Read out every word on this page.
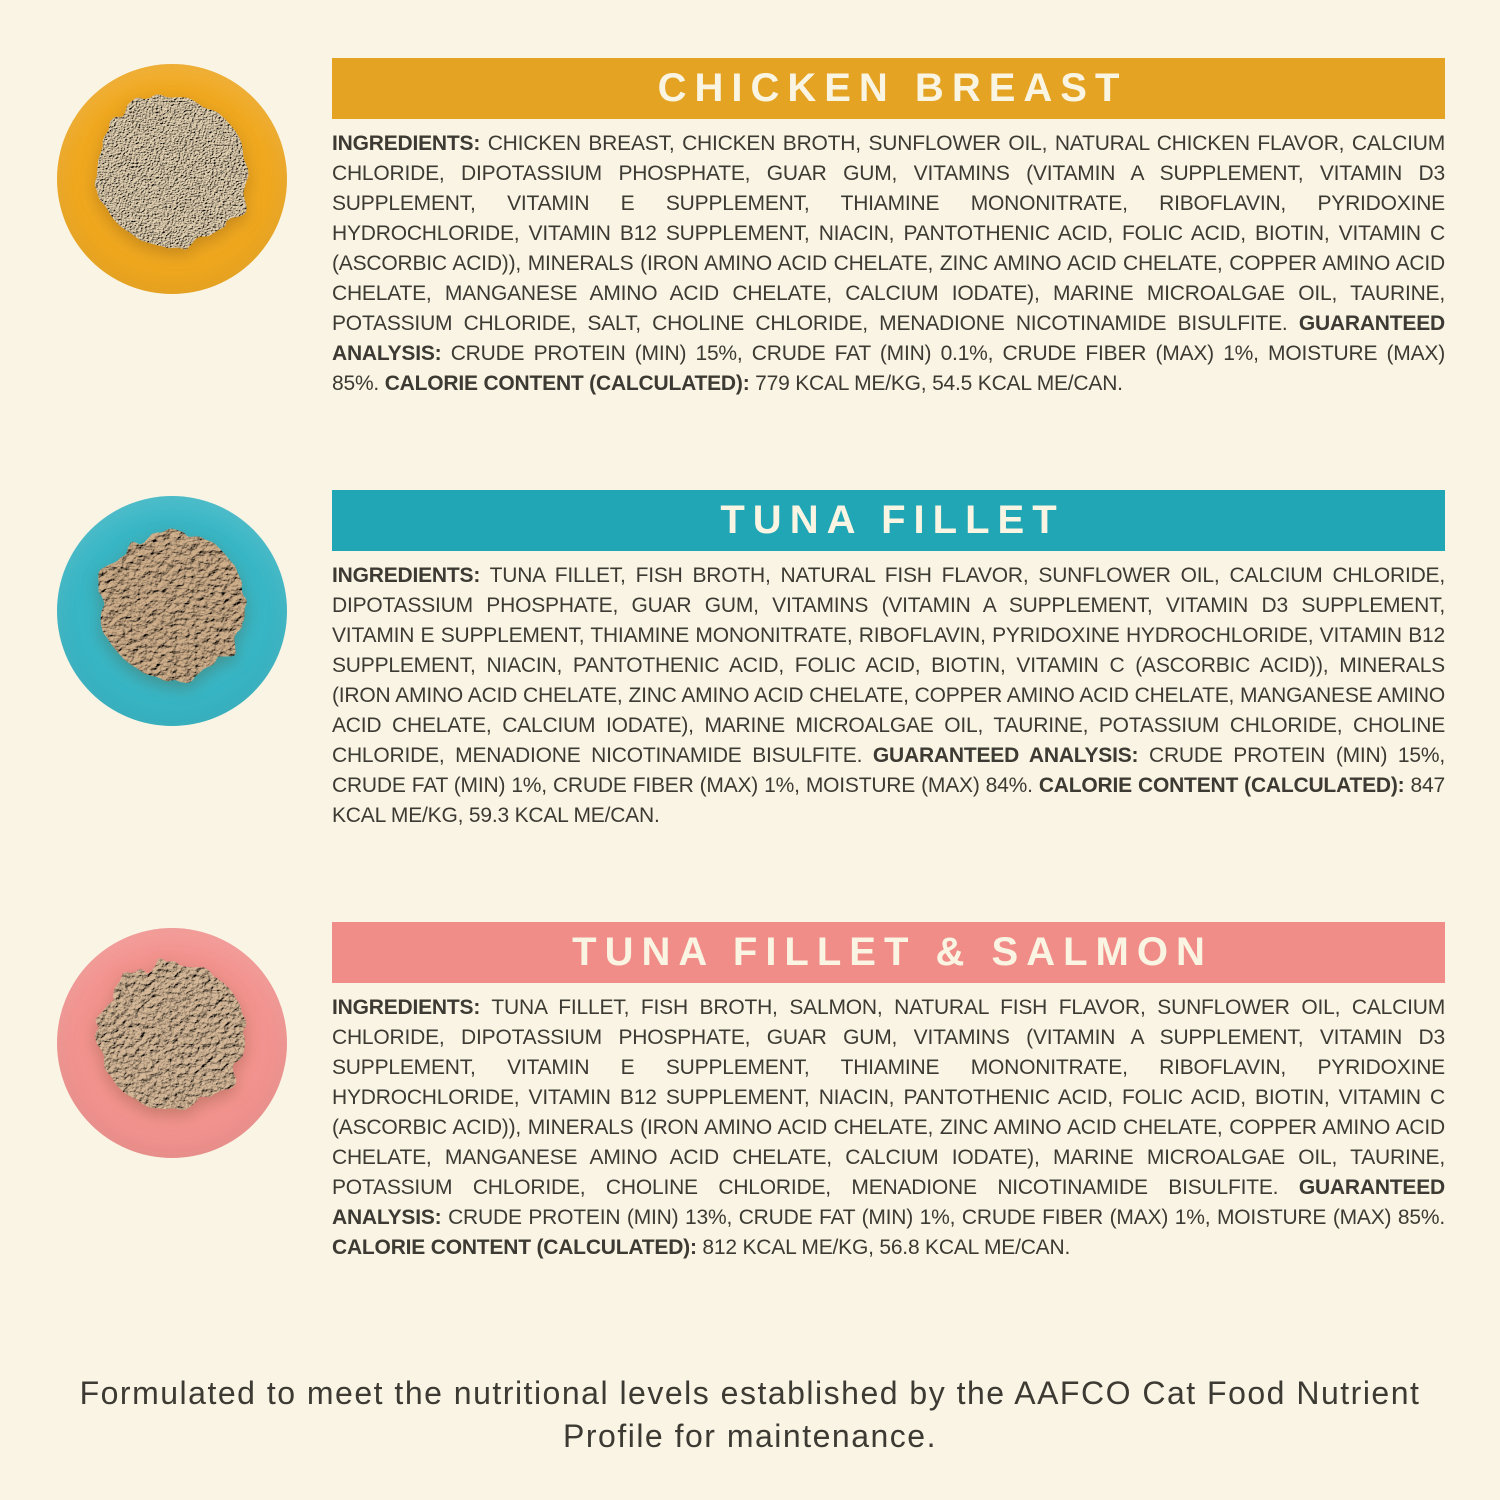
CHICKEN BREAST

INGREDIENTS: CHICKEN BREAST, CHICKEN BROTH, SUNFLOWER OIL, NATURAL CHICKEN FLAVOR, CALCIUM CHLORIDE, DIPOTASSIUM PHOSPHATE, GUAR GUM, VITAMINS (VITAMIN A SUPPLEMENT, VITAMIN D3 SUPPLEMENT, VITAMIN E SUPPLEMENT, THIAMINE MONONITRATE, RIBOFLAVIN, PYRIDOXINE HYDROCHLORIDE, VITAMIN B12 SUPPLEMENT, NIACIN, PANTOTHENIC ACID, FOLIC ACID, BIOTIN, VITAMIN C (ASCORBIC ACID)), MINERALS (IRON AMINO ACID CHELATE, ZINC AMINO ACID CHELATE, COPPER AMINO ACID CHELATE, MANGANESE AMINO ACID CHELATE, CALCIUM IODATE), MARINE MICROALGAE OIL, TAURINE, POTASSIUM CHLORIDE, SALT, CHOLINE CHLORIDE, MENADIONE NICOTINAMIDE BISULFITE. GUARANTEED ANALYSIS: CRUDE PROTEIN (MIN) 15%, CRUDE FAT (MIN) 0.1%, CRUDE FIBER (MAX) 1%, MOISTURE (MAX) 85%. CALORIE CONTENT (CALCULATED): 779 KCAL ME/KG, 54.5 KCAL ME/CAN.

TUNA FILLET

INGREDIENTS: TUNA FILLET, FISH BROTH, NATURAL FISH FLAVOR, SUNFLOWER OIL, CALCIUM CHLORIDE, DIPOTASSIUM PHOSPHATE, GUAR GUM, VITAMINS (VITAMIN A SUPPLEMENT, VITAMIN D3 SUPPLEMENT, VITAMIN E SUPPLEMENT, THIAMINE MONONITRATE, RIBOFLAVIN, PYRIDOXINE HYDROCHLORIDE, VITAMIN B12 SUPPLEMENT, NIACIN, PANTOTHENIC ACID, FOLIC ACID, BIOTIN, VITAMIN C (ASCORBIC ACID)), MINERALS (IRON AMINO ACID CHELATE, ZINC AMINO ACID CHELATE, COPPER AMINO ACID CHELATE, MANGANESE AMINO ACID CHELATE, CALCIUM IODATE), MARINE MICROALGAE OIL, TAURINE, POTASSIUM CHLORIDE, CHOLINE CHLORIDE, MENADIONE NICOTINAMIDE BISULFITE. GUARANTEED ANALYSIS: CRUDE PROTEIN (MIN) 15%, CRUDE FAT (MIN) 1%, CRUDE FIBER (MAX) 1%, MOISTURE (MAX) 84%. CALORIE CONTENT (CALCULATED): 847 KCAL ME/KG, 59.3 KCAL ME/CAN.

TUNA FILLET & SALMON

INGREDIENTS: TUNA FILLET, FISH BROTH, SALMON, NATURAL FISH FLAVOR, SUNFLOWER OIL, CALCIUM CHLORIDE, DIPOTASSIUM PHOSPHATE, GUAR GUM, VITAMINS (VITAMIN A SUPPLEMENT, VITAMIN D3 SUPPLEMENT, VITAMIN E SUPPLEMENT, THIAMINE MONONITRATE, RIBOFLAVIN, PYRIDOXINE HYDROCHLORIDE, VITAMIN B12 SUPPLEMENT, NIACIN, PANTOTHENIC ACID, FOLIC ACID, BIOTIN, VITAMIN C (ASCORBIC ACID)), MINERALS (IRON AMINO ACID CHELATE, ZINC AMINO ACID CHELATE, COPPER AMINO ACID CHELATE, MANGANESE AMINO ACID CHELATE, CALCIUM IODATE), MARINE MICROALGAE OIL, TAURINE, POTASSIUM CHLORIDE, CHOLINE CHLORIDE, MENADIONE NICOTINAMIDE BISULFITE. GUARANTEED ANALYSIS: CRUDE PROTEIN (MIN) 13%, CRUDE FAT (MIN) 1%, CRUDE FIBER (MAX) 1%, MOISTURE (MAX) 85%. CALORIE CONTENT (CALCULATED): 812 KCAL ME/KG, 56.8 KCAL ME/CAN.

Formulated to meet the nutritional levels established by the AAFCO Cat Food Nutrient Profile for maintenance.
